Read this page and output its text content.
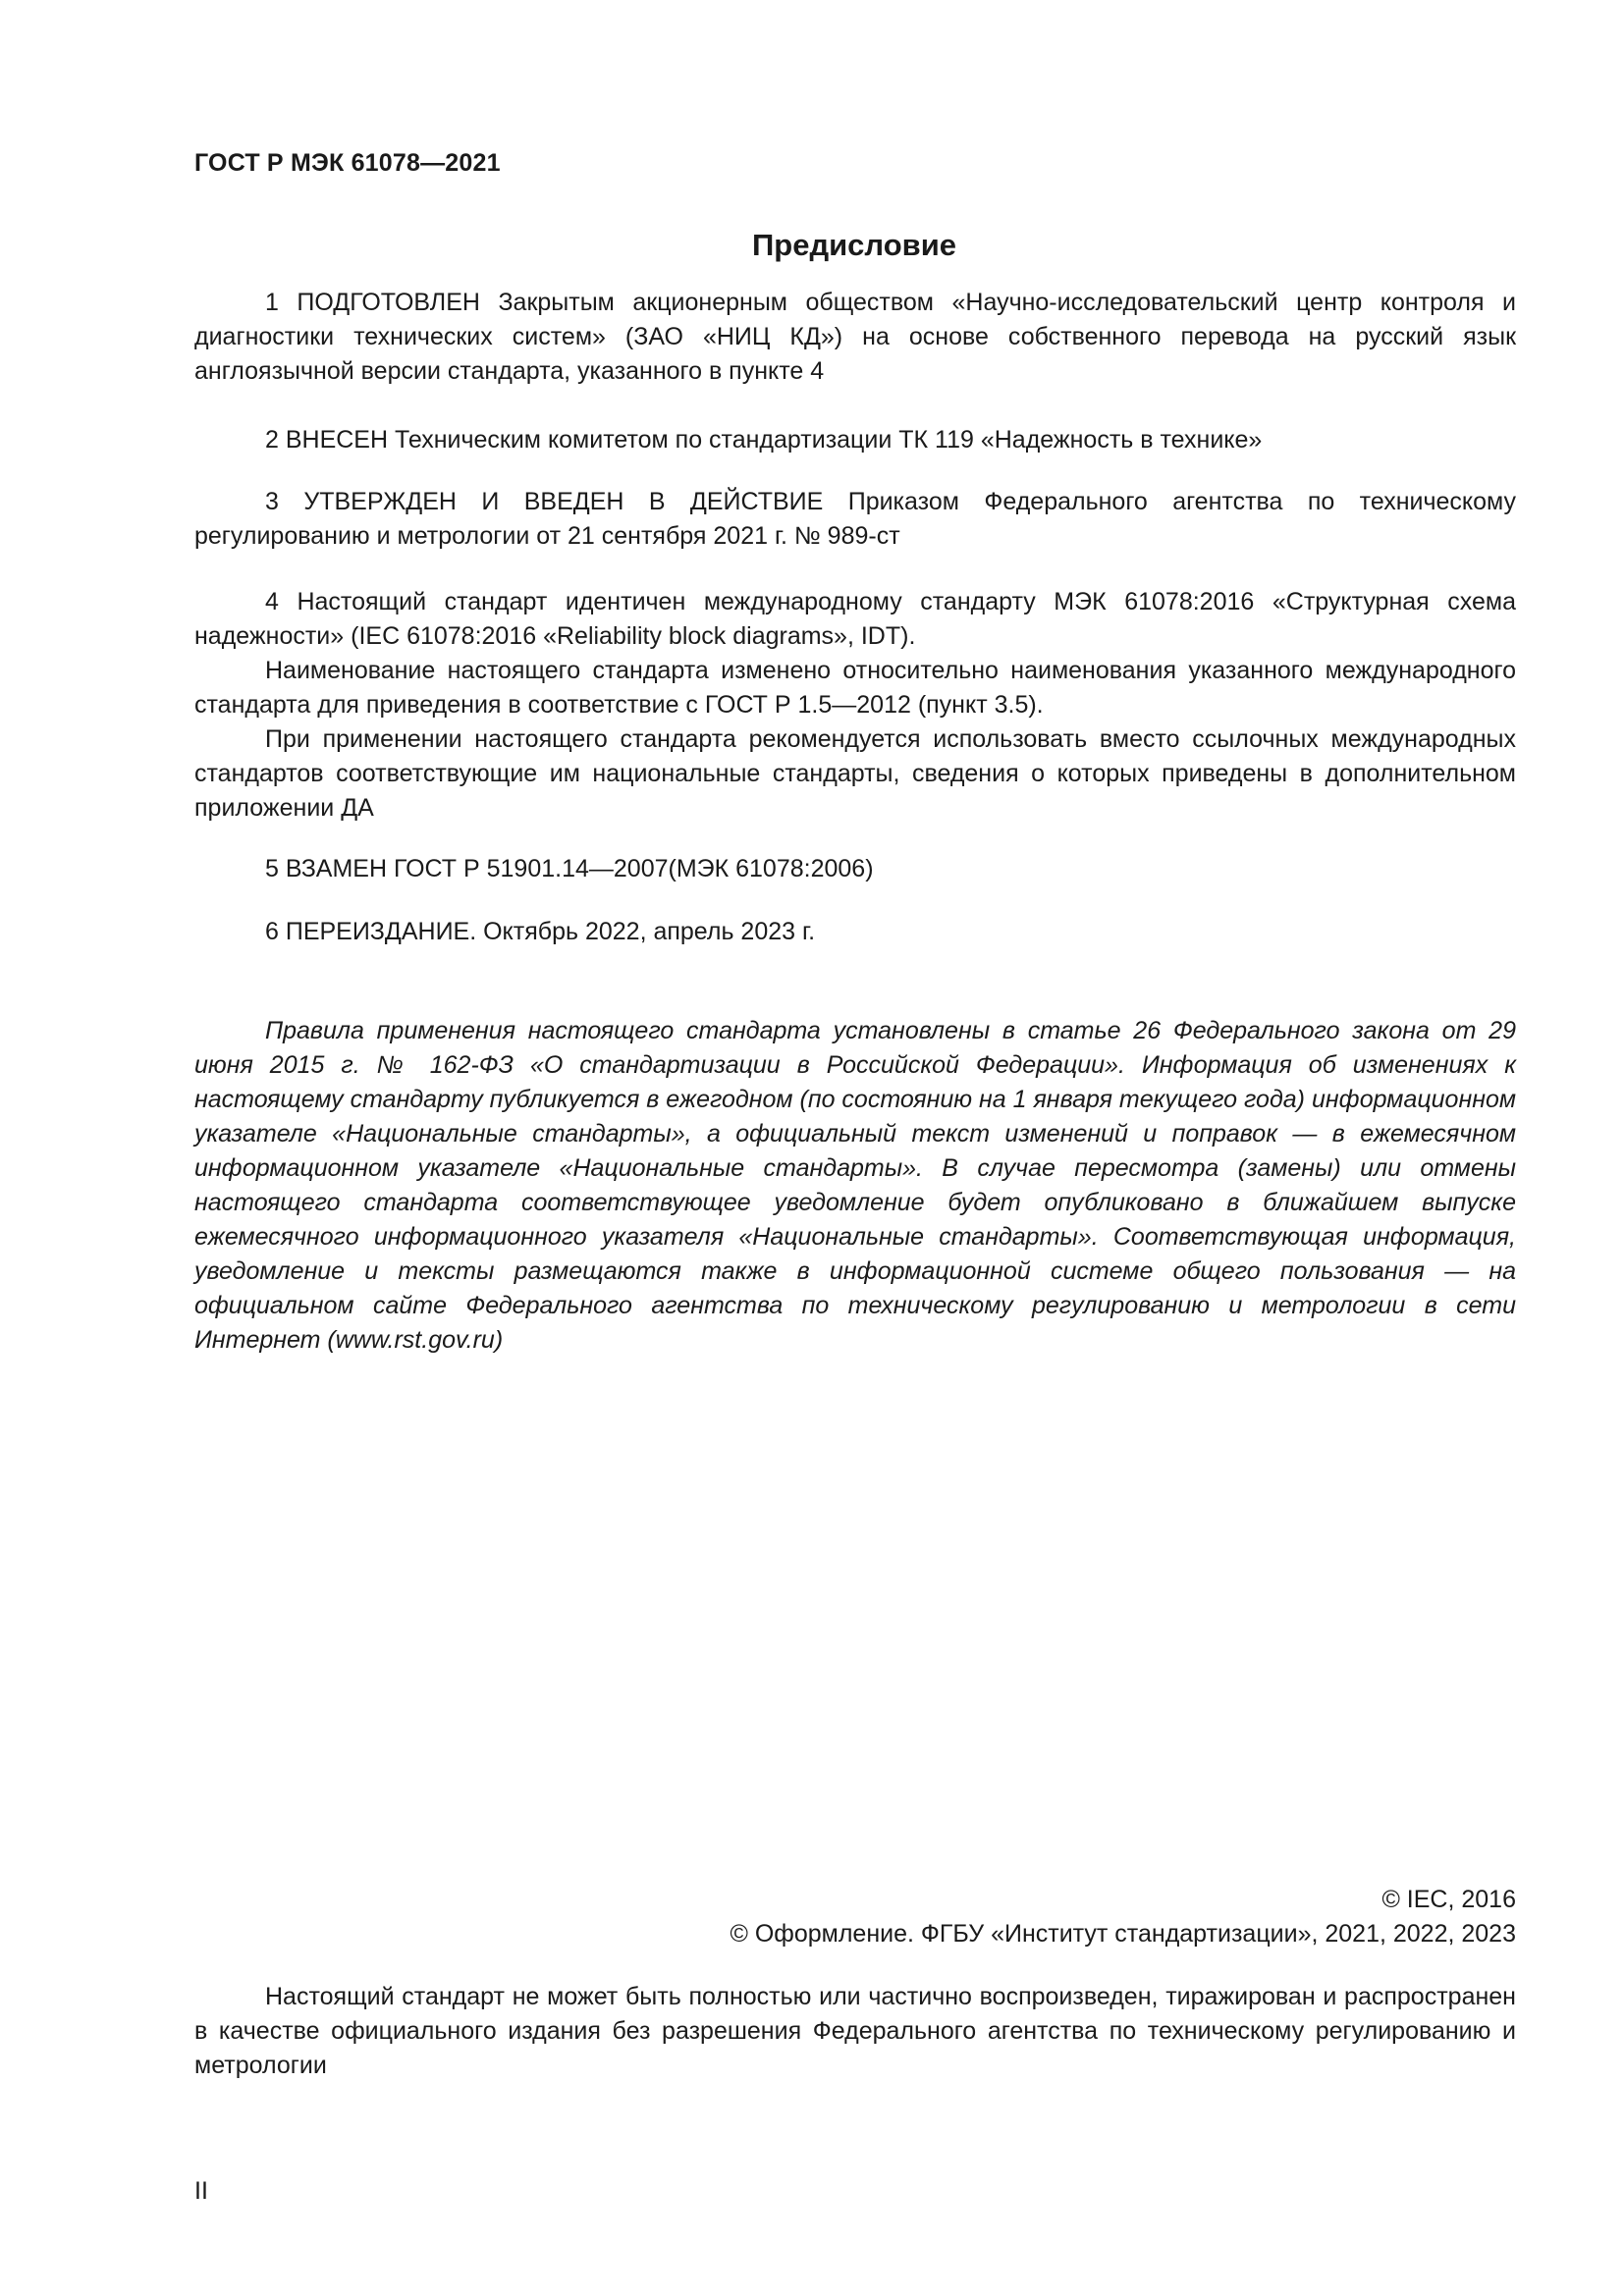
ГОСТ Р МЭК 61078—2021
Предисловие

1 ПОДГОТОВЛЕН Закрытым акционерным обществом «Научно-исследовательский центр контроля и диагностики технических систем» (ЗАО «НИЦ КД») на основе собственного перевода на русский язык англоязычной версии стандарта, указанного в пункте 4

2 ВНЕСЕН Техническим комитетом по стандартизации ТК 119 «Надежность в технике»

3 УТВЕРЖДЕН И ВВЕДЕН В ДЕЙСТВИЕ Приказом Федерального агентства по техническому регулированию и метрологии от 21 сентября 2021 г. № 989-ст

4 Настоящий стандарт идентичен международному стандарту МЭК 61078:2016 «Структурная схема надежности» (IEC 61078:2016 «Reliability block diagrams», IDT).

Наименование настоящего стандарта изменено относительно наименования указанного международного стандарта для приведения в соответствие с ГОСТ Р 1.5—2012 (пункт 3.5).

При применении настоящего стандарта рекомендуется использовать вместо ссылочных международных стандартов соответствующие им национальные стандарты, сведения о которых приведены в дополнительном приложении ДА

5 ВЗАМЕН ГОСТ Р 51901.14—2007(МЭК 61078:2006)

6 ПЕРЕИЗДАНИЕ. Октябрь 2022, апрель 2023 г.

Правила применения настоящего стандарта установлены в статье 26 Федерального закона от 29 июня 2015 г. № 162-ФЗ «О стандартизации в Российской Федерации». Информация об изменениях к настоящему стандарту публикуется в ежегодном (по состоянию на 1 января текущего года) информационном указателе «Национальные стандарты», а официальный текст изменений и поправок — в ежемесячном информационном указателе «Национальные стандарты». В случае пересмотра (замены) или отмены настоящего стандарта соответствующее уведомление будет опубликовано в ближайшем выпуске ежемесячного информационного указателя «Национальные стандарты». Соответствующая информация, уведомление и тексты размещаются также в информационной системе общего пользования — на официальном сайте Федерального агентства по техническому регулированию и метрологии в сети Интернет (www.rst.gov.ru)

© IEC, 2016
© Оформление. ФГБУ «Институт стандартизации», 2021, 2022, 2023

Настоящий стандарт не может быть полностью или частично воспроизведен, тиражирован и распространен в качестве официального издания без разрешения Федерального агентства по техническому регулированию и метрологии

II
